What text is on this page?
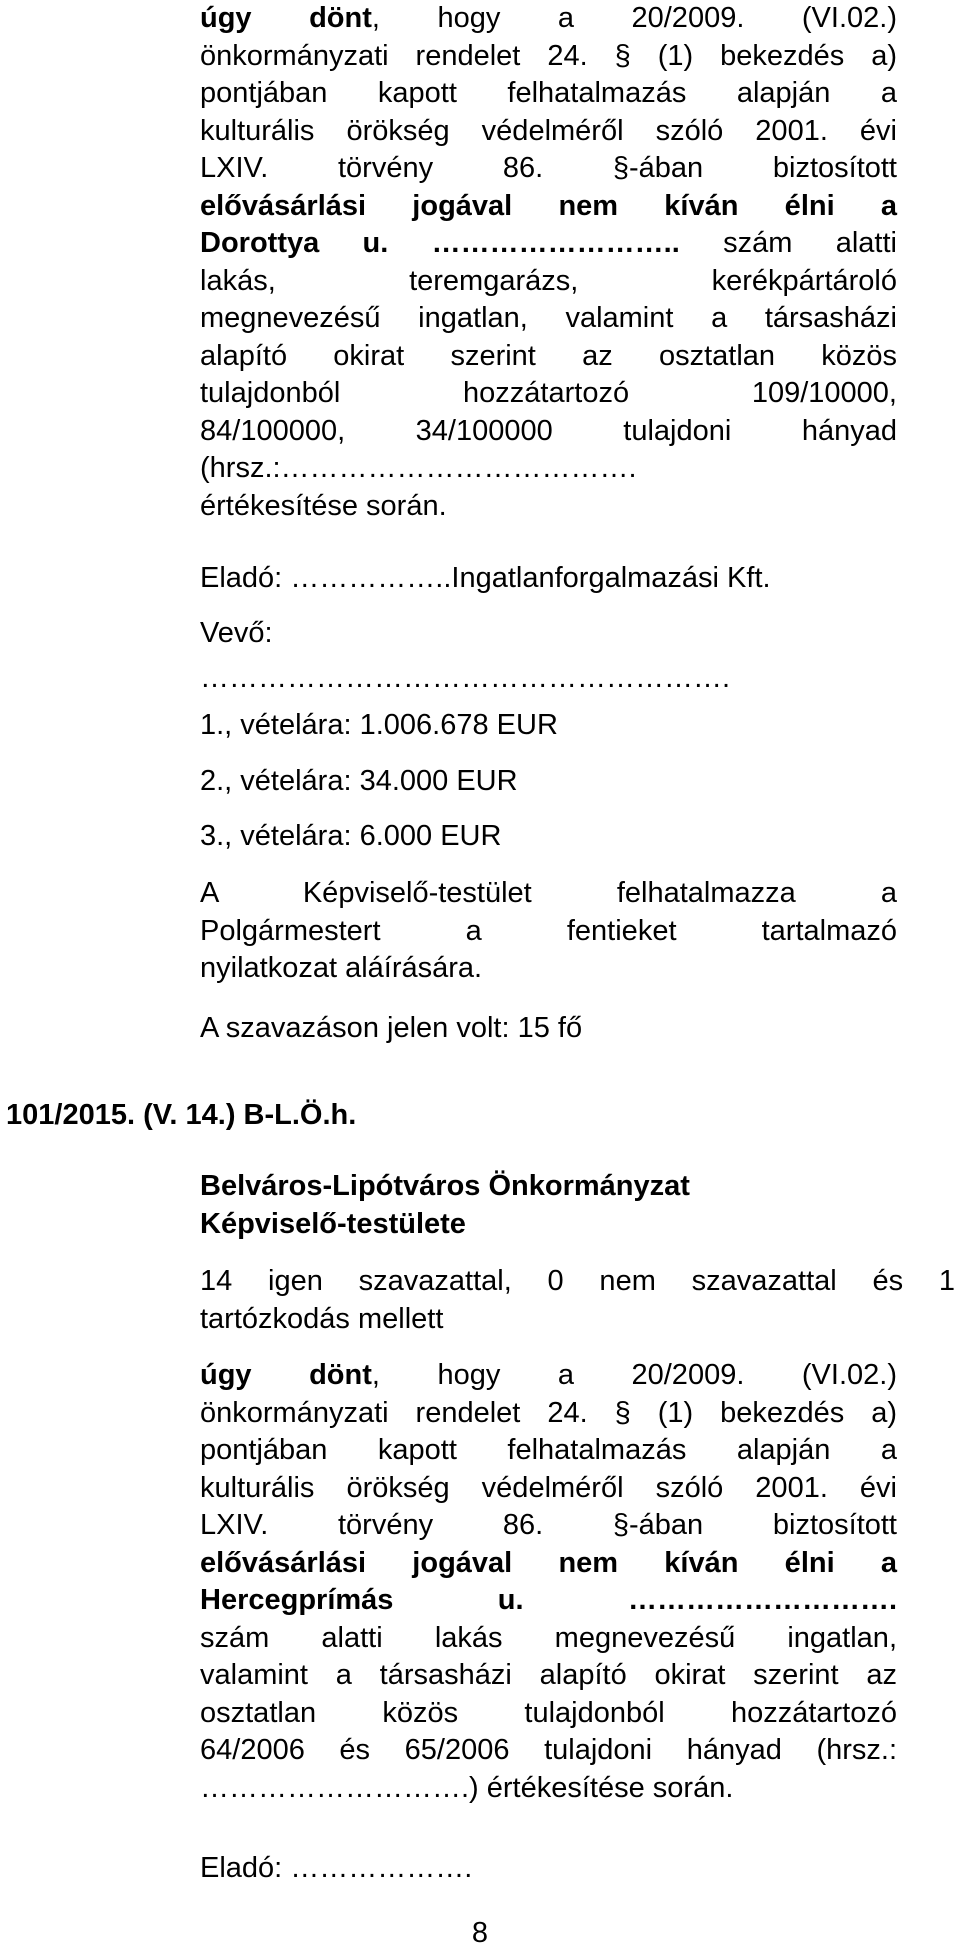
úgy dönt, hogy a 20/2009. (VI.02.)

önkormányzati rendelet 24. § (1) bekezdés a)

pontjában kapott felhatalmazás alapján a

kulturális örökség védelméről szóló 2001. évi

LXIV. törvény 86. §-ában biztosított

elővásárlási jogával nem kíván élni a

Dorottya u. …………………….. szám alatti

lakás, teremgarázs, kerékpártároló

megnevezésű ingatlan, valamint a társasházi

alapító okirat szerint az osztatlan közös

tulajdonból hozzátartozó 109/10000,

84/100000, 34/100000 tulajdoni hányad

(hrsz.:……………………………….

értékesítése során.

Eladó: ……………..Ingatlanforgalmazási Kft.

Vevő:

……………………………………………….

1., vételára: 1.006.678 EUR

2., vételára: 34.000 EUR

3., vételára: 6.000 EUR

A Képviselő-testület felhatalmazza a

Polgármestert a fentieket tartalmazó

nyilatkozat aláírására.

A szavazáson jelen volt: 15 fő

101/2015. (V. 14.) B-L.Ö.h.

Belváros-Lipótváros Önkormányzat

Képviselő-testülete

14 igen szavazattal, 0 nem szavazattal és 1

tartózkodás mellett

úgy dönt, hogy a 20/2009. (VI.02.)

önkormányzati rendelet 24. § (1) bekezdés a)

pontjában kapott felhatalmazás alapján a

kulturális örökség védelméről szóló 2001. évi

LXIV. törvény 86. §-ában biztosított

elővásárlási jogával nem kíván élni a

Hercegprímás u. ……………………….

szám alatti lakás megnevezésű ingatlan,

valamint a társasházi alapító okirat szerint az

osztatlan közös tulajdonból hozzátartozó

64/2006 és 65/2006 tulajdoni hányad (hrsz.:

……………………….) értékesítése során.

Eladó: ……………….

8
